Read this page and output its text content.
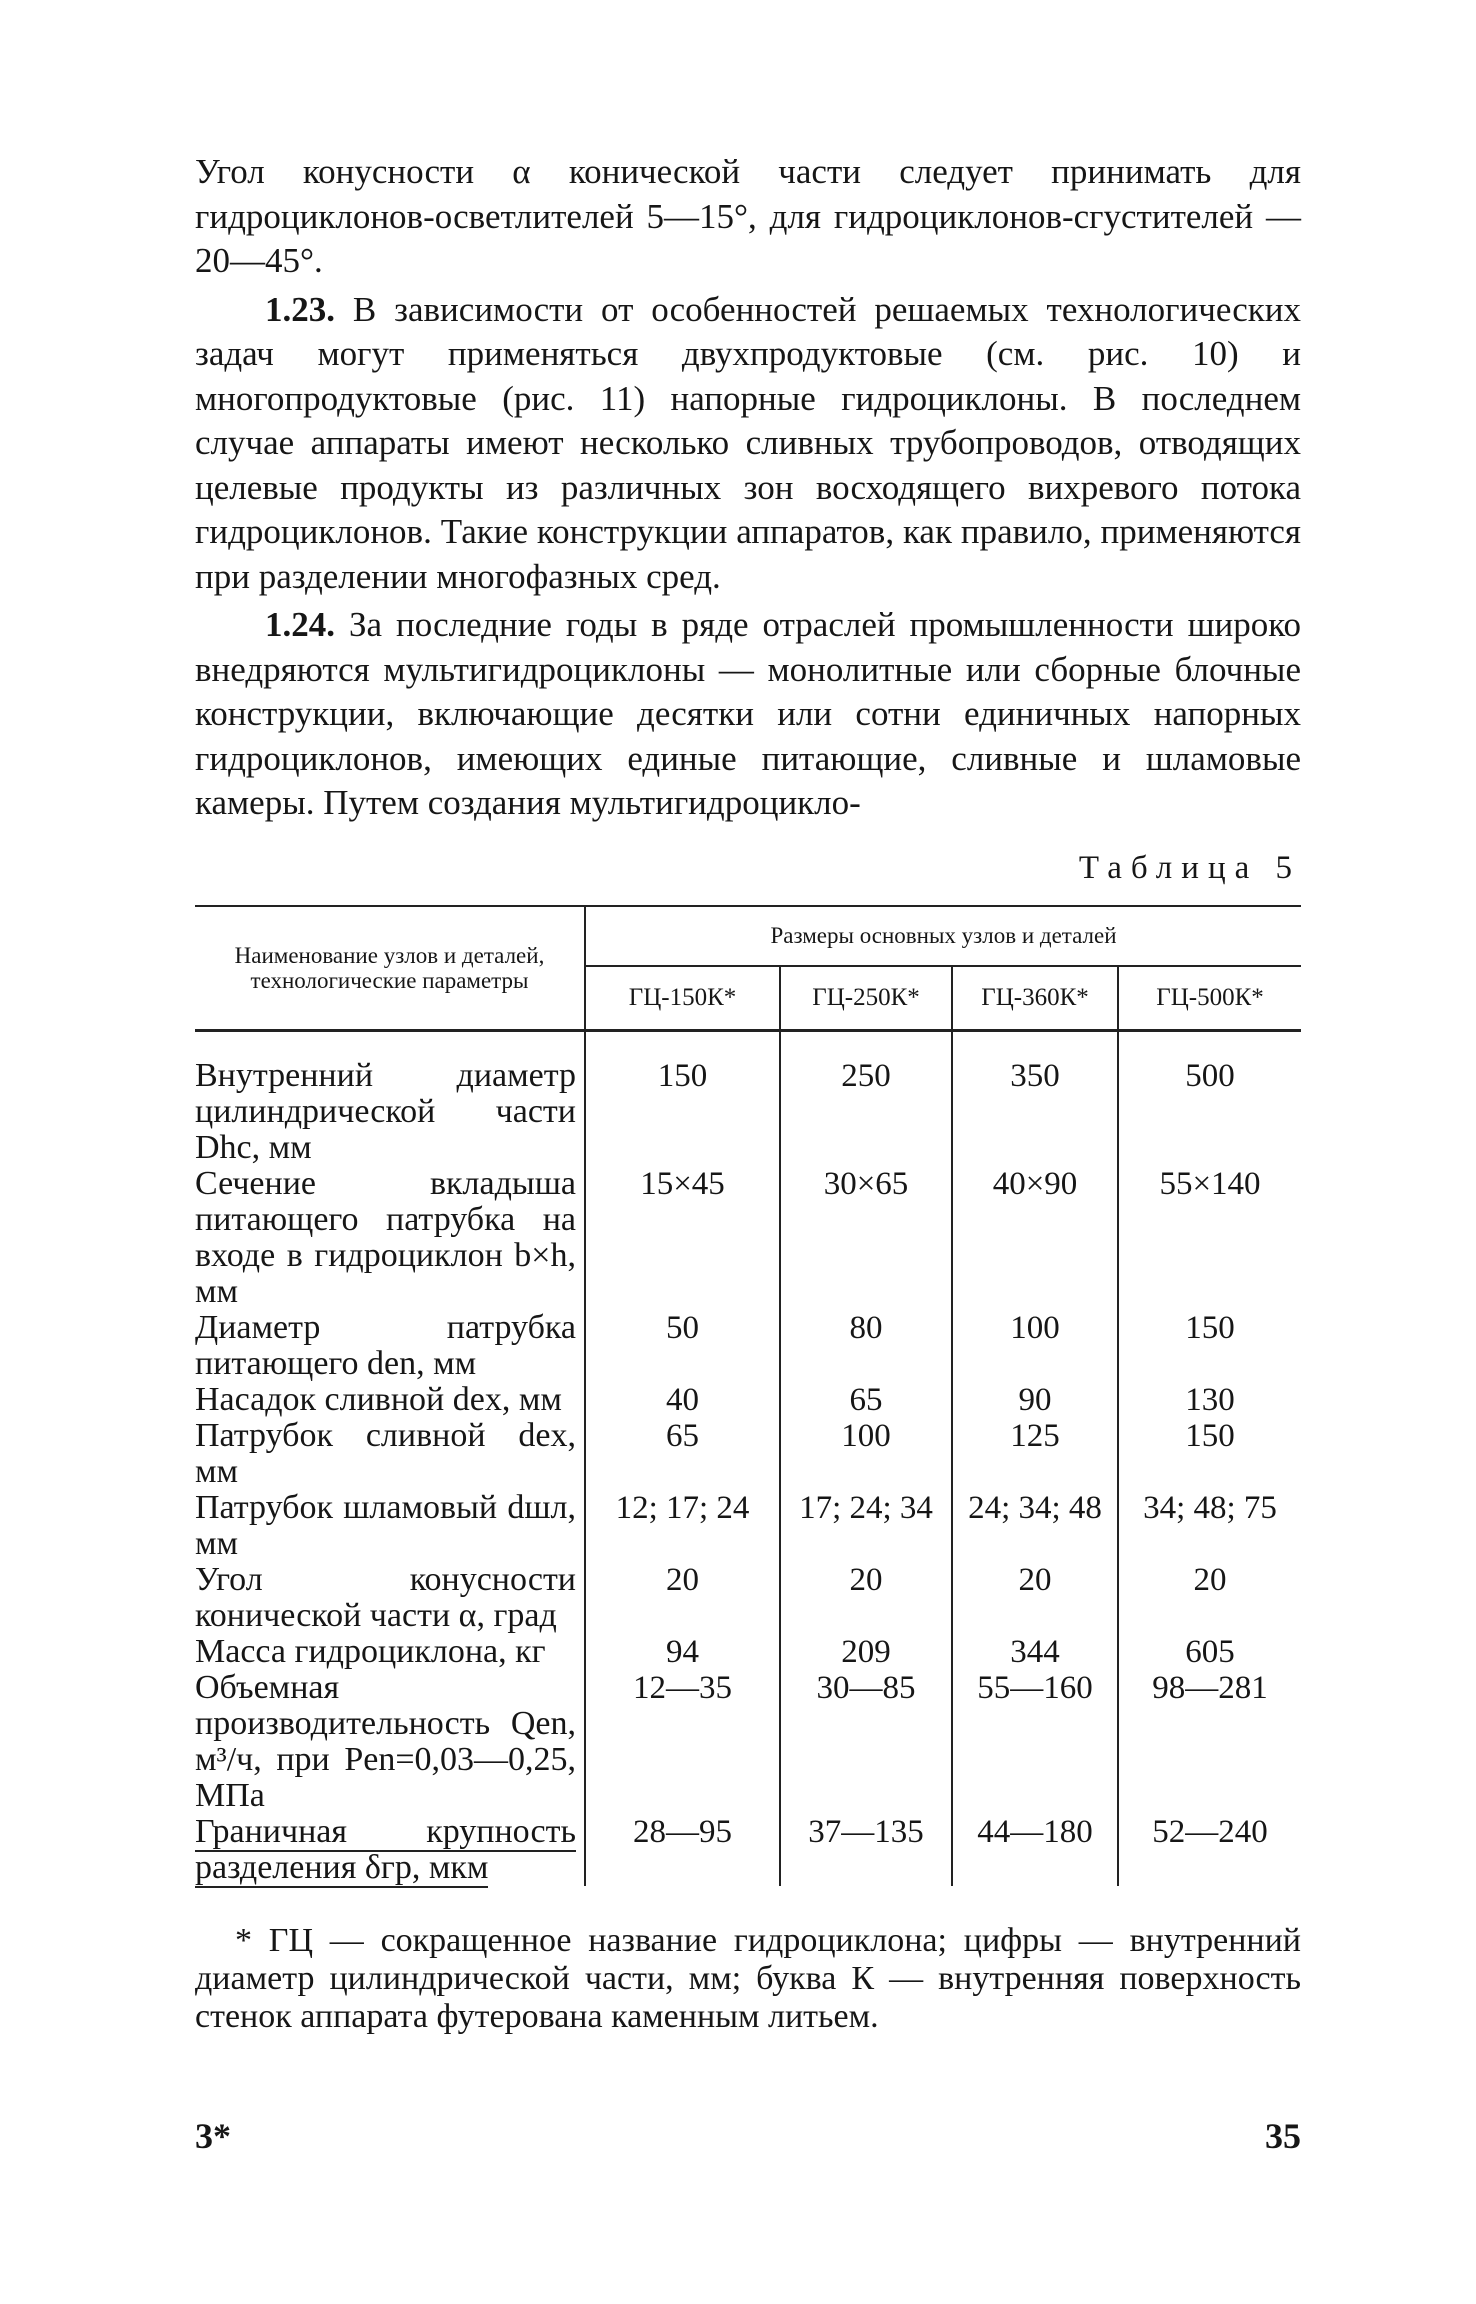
Угол конусности α конической части следует принимать для гидроциклонов-осветлителей 5—15°, для гидроциклонов-сгустителей — 20—45°.

1.23. В зависимости от особенностей решаемых технологических задач могут применяться двухпродуктовые (см. рис. 10) и многопродуктовые (рис. 11) напорные гидроциклоны. В последнем случае аппараты имеют несколько сливных трубопроводов, отводящих целевые продукты из различных зон восходящего вихревого потока гидроциклонов. Такие конструкции аппаратов, как правило, применяются при разделении многофазных сред.

1.24. За последние годы в ряде отраслей промышленности широко внедряются мультигидроциклоны — монолитные или сборные блочные конструкции, включающие десятки или сотни единичных напорных гидроциклонов, имеющих единые питающие, сливные и шламовые камеры. Путем создания мультигидроцикло-

Таблица 5
Наименование узлов и деталей, технологические параметры	Размеры основных узлов и деталей			
	ГЦ-150К*	ГЦ-250К*	ГЦ-360К*	ГЦ-500К*
Внутренний диаметр цилиндрической части Dhc, мм	150	250	350	500
Сечение вкладыша питающего патрубка на входе в гидроциклон b×h, мм	15×45	30×65	40×90	55×140
Диаметр патрубка питающего den, мм	50	80	100	150
Насадок сливной dex, мм	40	65	90	130
Патрубок сливной dex, мм	65	100	125	150
Патрубок шламовый dшл, мм	12; 17; 24	17; 24; 34	24; 34; 48	34; 48; 75
Угол конусности конической части α, град	20	20	20	20
Масса гидроциклона, кг	94	209	344	605
Объемная производительность Qen, м³/ч, при Pen=0,03—0,25, МПа	12—35	30—85	55—160	98—281
Граничная крупность разделения δгр, мкм	28—95	37—135	44—180	52—240

* ГЦ — сокращенное название гидроциклона; цифры — внутренний диаметр цилиндрической части, мм; буква К — внутренняя поверхность стенок аппарата футерована каменным литьем.

3*	35
